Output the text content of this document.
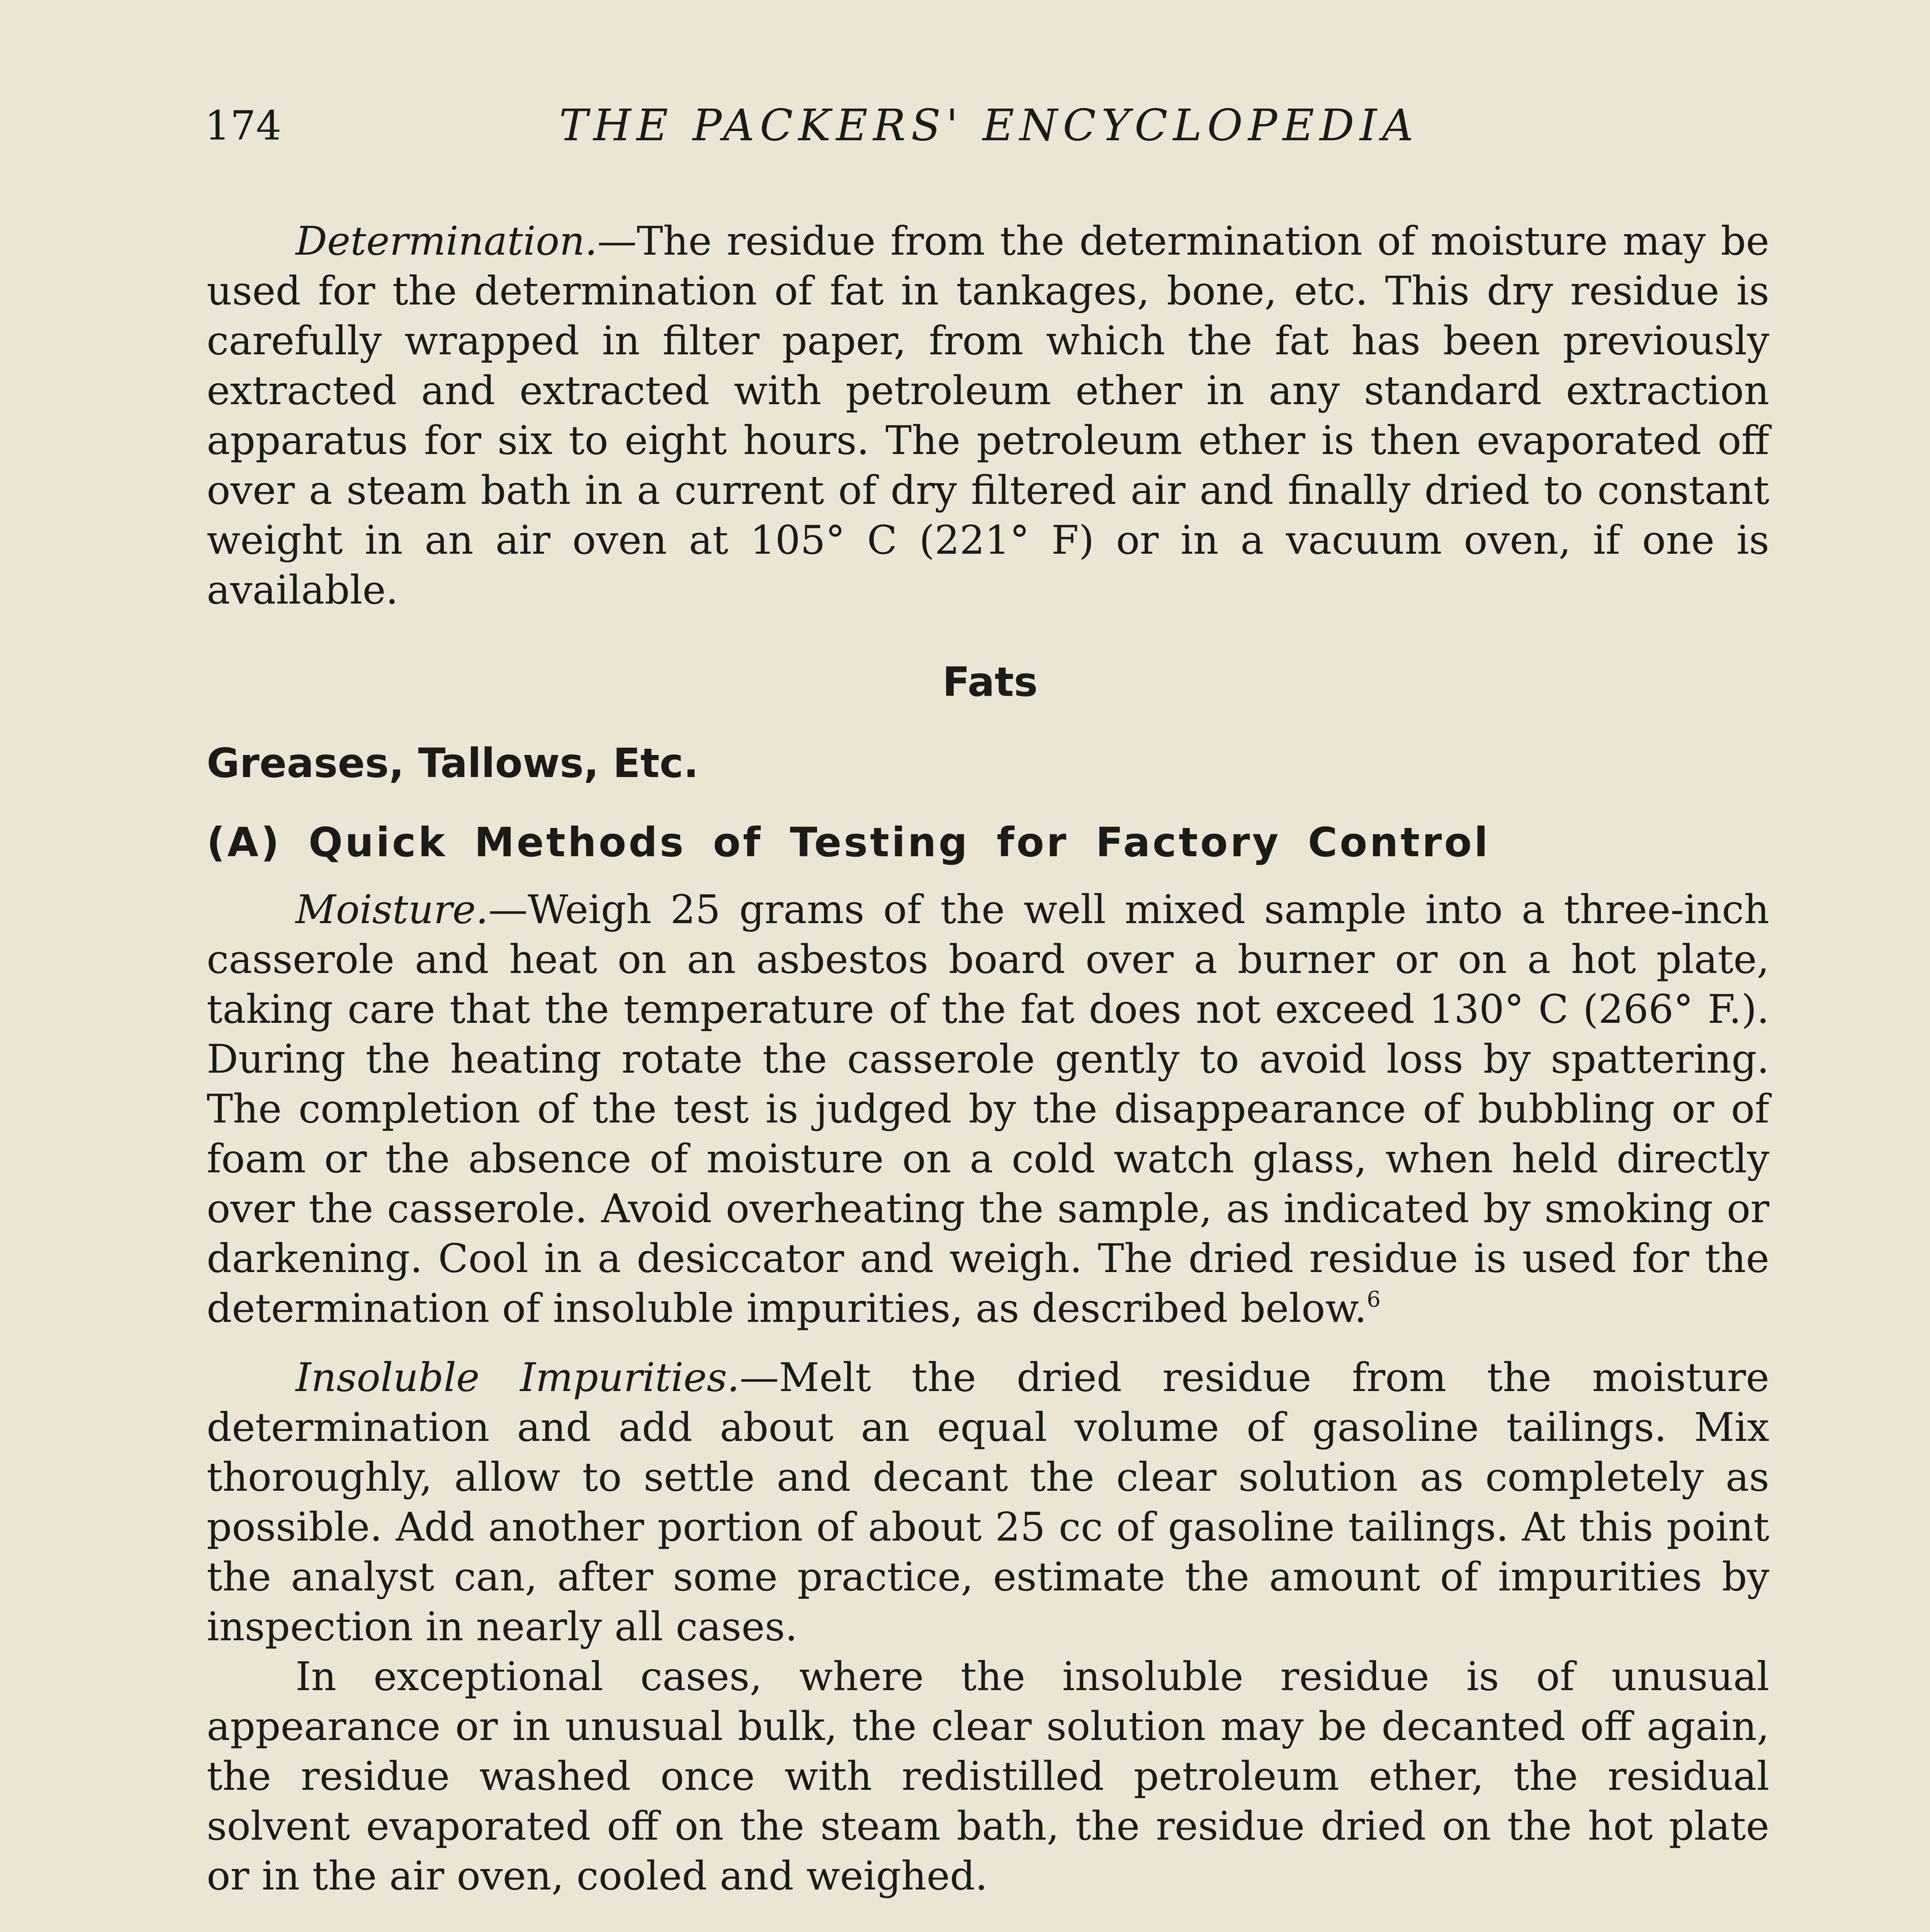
174	THE PACKERS' ENCYCLOPEDIA

Determination.—The residue from the determination of moisture may be used for the determination of fat in tankages, bone, etc. This dry residue is carefully wrapped in filter paper, from which the fat has been previously extracted and extracted with petroleum ether in any standard extraction apparatus for six to eight hours. The petroleum ether is then evaporated off over a steam bath in a current of dry filtered air and finally dried to constant weight in an air oven at 105° C (221° F) or in a vacuum oven, if one is available.

Fats
Greases, Tallows, Etc.
(A) Quick Methods of Testing for Factory Control

Moisture.—Weigh 25 grams of the well mixed sample into a three-inch casserole and heat on an asbestos board over a burner or on a hot plate, taking care that the temperature of the fat does not exceed 130° C (266° F.). During the heating rotate the casserole gently to avoid loss by spattering. The completion of the test is judged by the disappearance of bubbling or of foam or the absence of moisture on a cold watch glass, when held directly over the casserole. Avoid overheating the sample, as indicated by smoking or darkening. Cool in a desiccator and weigh. The dried residue is used for the determination of insoluble impurities, as described below.$^6$

Insoluble Impurities.—Melt the dried residue from the moisture determination and add about an equal volume of gasoline tailings. Mix thoroughly, allow to settle and decant the clear solution as completely as possible. Add another portion of about 25 cc of gasoline tailings. At this point the analyst can, after some practice, estimate the amount of impurities by inspection in nearly all cases.

In exceptional cases, where the insoluble residue is of unusual appearance or in unusual bulk, the clear solution may be decanted off again, the residue washed once with redistilled petroleum ether, the residual solvent evaporated off on the steam bath, the residue dried on the hot plate or in the air oven, cooled and weighed.
